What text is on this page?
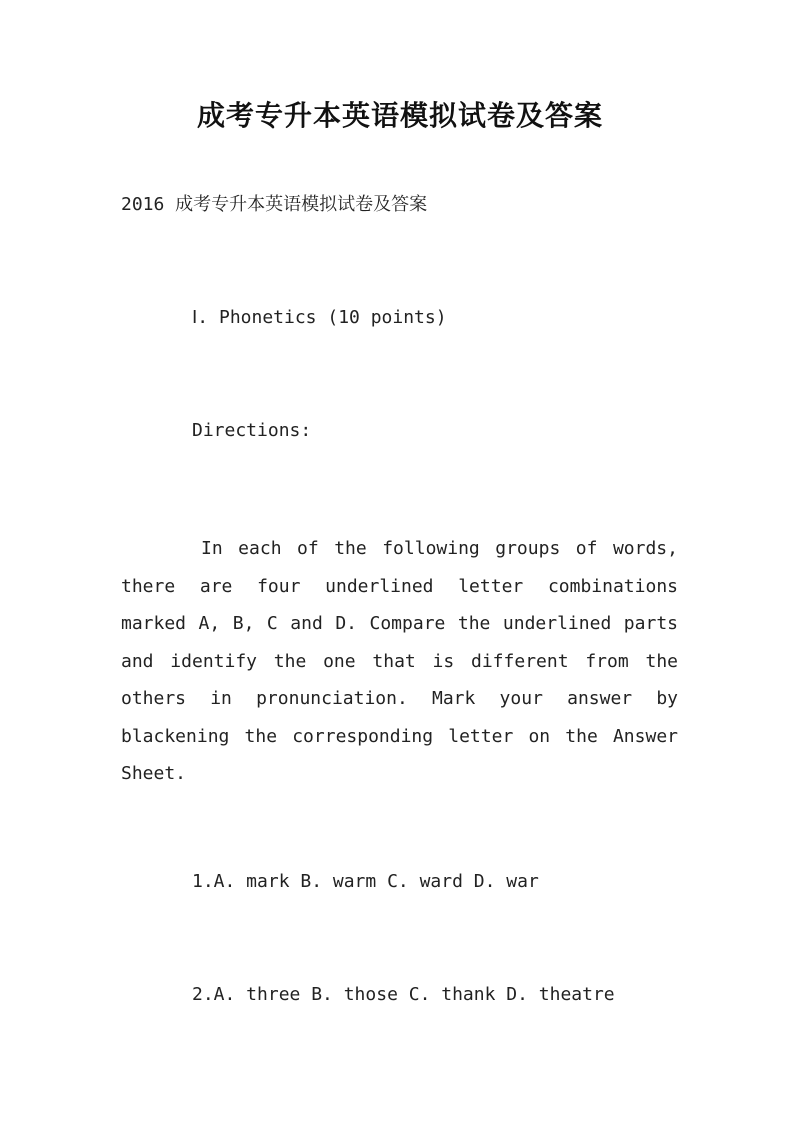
成考专升本英语模拟试卷及答案
2016 成考专升本英语模拟试卷及答案
Ⅰ. Phonetics (10 points)
Directions:

In each of the following groups of words, there are four underlined letter combinations marked A, B, C and D. Compare the underlined parts and identify the one that is different from the others in pronunciation. Mark your answer by blackening the corresponding letter on the Answer Sheet.

1.A. mark B. warm C. ward D. war
2.A. three B. those C. thank D. theatre
